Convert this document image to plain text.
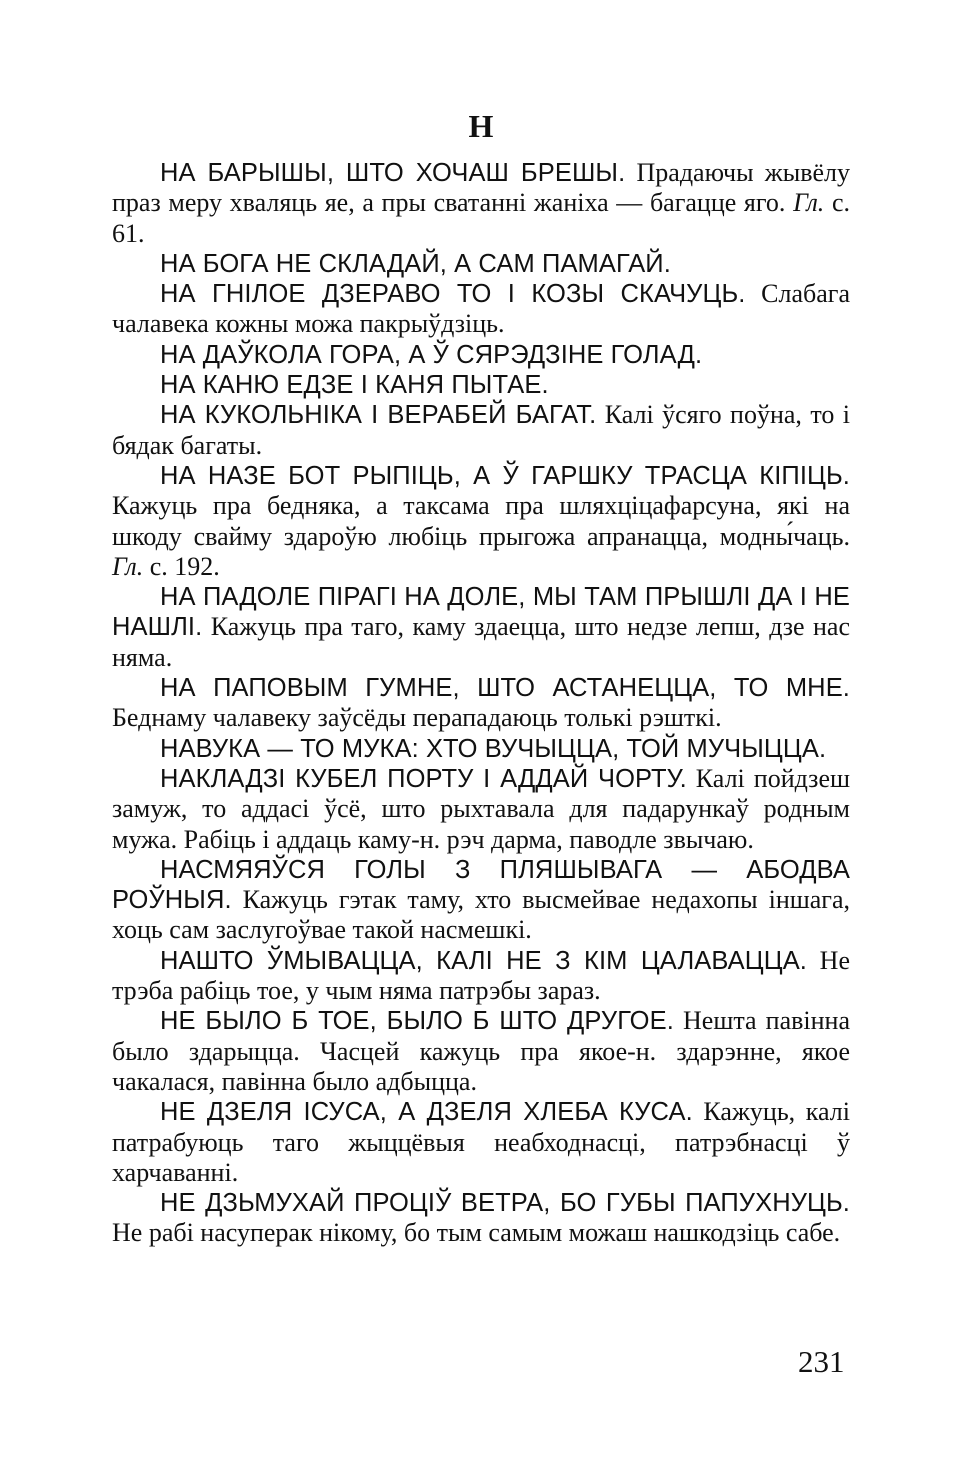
Н

НА БАРЫШЫ, ШТО ХОЧАШ БРЕШЫ. Прадаючы жывёлу праз меру хваляць яе, а пры сватанні жаніха — багацце яго. Гл. с. 61.

НА БОГА НЕ СКЛАДАЙ, А САМ ПАМАГАЙ.

НА ГНІЛОЕ ДЗЕРАВО ТО І КОЗЫ СКАЧУЦЬ. Слабага чалавека кожны можа пакрыўдзіць.

НА ДАЎКОЛА ГОРА, А Ў СЯРЭДЗІНЕ ГОЛАД.

НА КАНЮ ЕДЗЕ І КАНЯ ПЫТАЕ.

НА КУКОЛЬНІКА І ВЕРАБЕЙ БАГАТ. Калі ўсяго поўна, то і бядак багаты.

НА НАЗЕ БОТ РЫПІЦЬ, А Ў ГАРШКУ ТРАСЦА КІПІЦЬ. Кажуць пра бедняка, а таксама пра шляхціцафарсуна, які на шкоду свайму здароўю любіць прыгожа апранацца, модны́чаць. Гл. с. 192.

НА ПАДОЛЕ ПІРАГІ НА ДОЛЕ, МЫ ТАМ ПРЫШЛІ ДА І НЕ НАШЛІ. Кажуць пра таго, каму здаецца, што недзе лепш, дзе нас няма.

НА ПАПОВЫМ ГУМНЕ, ШТО АСТАНЕЦЦА, ТО МНЕ. Беднаму чалавеку заўсёды перападаюць толькі рэшткі.

НАВУКА — ТО МУКА: ХТО ВУЧЫЦЦА, ТОЙ МУЧЫЦЦА.

НАКЛАДЗІ КУБЕЛ ПОРТУ І АДДАЙ ЧОРТУ. Калі пойдзеш замуж, то аддасі ўсё, што рыхтавала для падарункаў родным мужа. Рабіць і аддаць каму-н. рэч дарма, паводле звычаю.

НАСМЯЯЎСЯ ГОЛЫ З ПЛЯШЫВАГА — АБОДВА РОЎНЫЯ. Кажуць гэтак таму, хто высмейвае недахопы іншага, хоць сам заслугоўвае такой насмешкі.

НАШТО ЎМЫВАЦЦА, КАЛІ НЕ З КІМ ЦАЛАВАЦЦА. Не трэба рабіць тое, у чым няма патрэбы зараз.

НЕ БЫЛО Б ТОЕ, БЫЛО Б ШТО ДРУГОЕ. Нешта павінна было здарыцца. Часцей кажуць пра якое-н. здарэнне, якое чакалася, павінна было адбыцца.

НЕ ДЗЕЛЯ ІСУСА, А ДЗЕЛЯ ХЛЕБА КУСА. Кажуць, калі патрабуюць таго жыццёвыя неабходнасці, патрэбнасці ў харчаванні.

НЕ ДЗЬМУХАЙ ПРОЦІЎ ВЕТРА, БО ГУБЫ ПАПУХНУЦЬ. Не рабі насуперак нікому, бо тым самым можаш нашкодзіць сабе.

231
